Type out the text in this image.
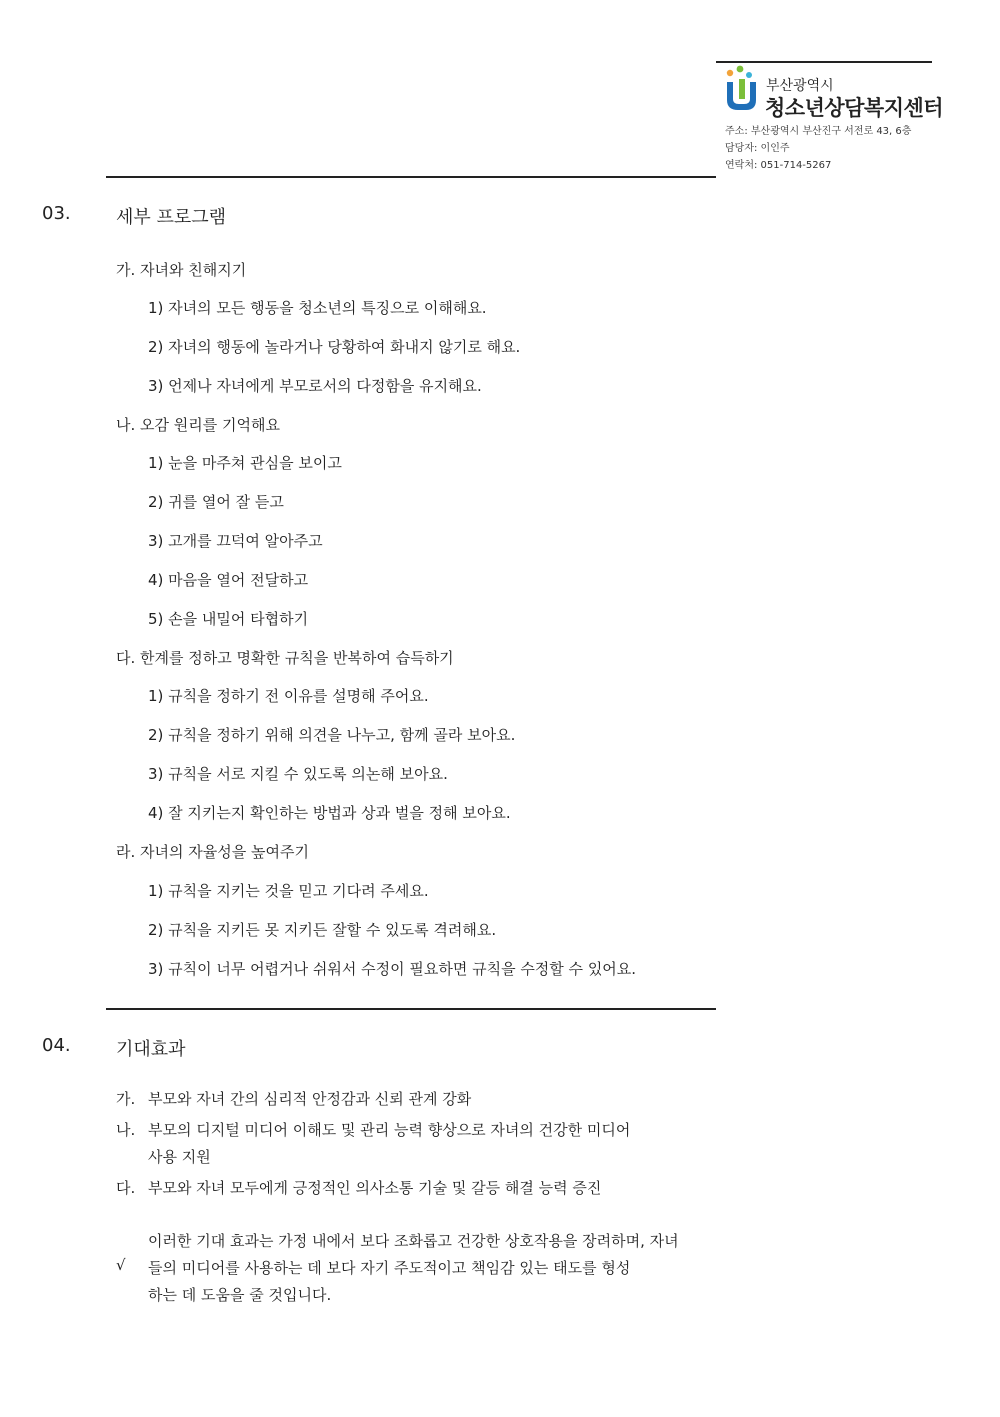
부산광역시
청소년상담복지센터
주소: 부산광역시 부산진구 서전로 43, 6층
담당자: 이인주
연락처: 051-714-5267
03.	세부 프로그램
가. 자녀와 친해지기
1) 자녀의 모든 행동을 청소년의 특징으로 이해해요.
2) 자녀의 행동에 놀라거나 당황하여 화내지 않기로 해요.
3) 언제나 자녀에게 부모로서의 다정함을 유지해요.
나. 오감 원리를 기억해요
1) 눈을 마주쳐 관심을 보이고
2) 귀를 열어 잘 듣고
3) 고개를 끄덕여 알아주고
4) 마음을 열어 전달하고
5) 손을 내밀어 타협하기
다. 한계를 정하고 명확한 규칙을 반복하여 습득하기
1) 규칙을 정하기 전 이유를 설명해 주어요.
2) 규칙을 정하기 위해 의견을 나누고, 함께 골라 보아요.
3) 규칙을 서로 지킬 수 있도록 의논해 보아요.
4) 잘 지키는지 확인하는 방법과 상과 벌을 정해 보아요.
라. 자녀의 자율성을 높여주기
1) 규칙을 지키는 것을 믿고 기다려 주세요.
2) 규칙을 지키든 못 지키든 잘할 수 있도록 격려해요.
3) 규칙이 너무 어렵거나 쉬워서 수정이 필요하면 규칙을 수정할 수 있어요.
04.	기대효과
가. 부모와 자녀 간의 심리적 안정감과 신뢰 관계 강화
나. 부모의 디지털 미디어 이해도 및 관리 능력 향상으로 자녀의 건강한 미디어
사용 지원
다. 부모와 자녀 모두에게 긍정적인 의사소통 기술 및 갈등 해결 능력 증진
√
이러한 기대 효과는 가정 내에서 보다 조화롭고 건강한 상호작용을 장려하며, 자녀
들의 미디어를 사용하는 데 보다 자기 주도적이고 책임감 있는 태도를 형성
하는 데 도움을 줄 것입니다.
